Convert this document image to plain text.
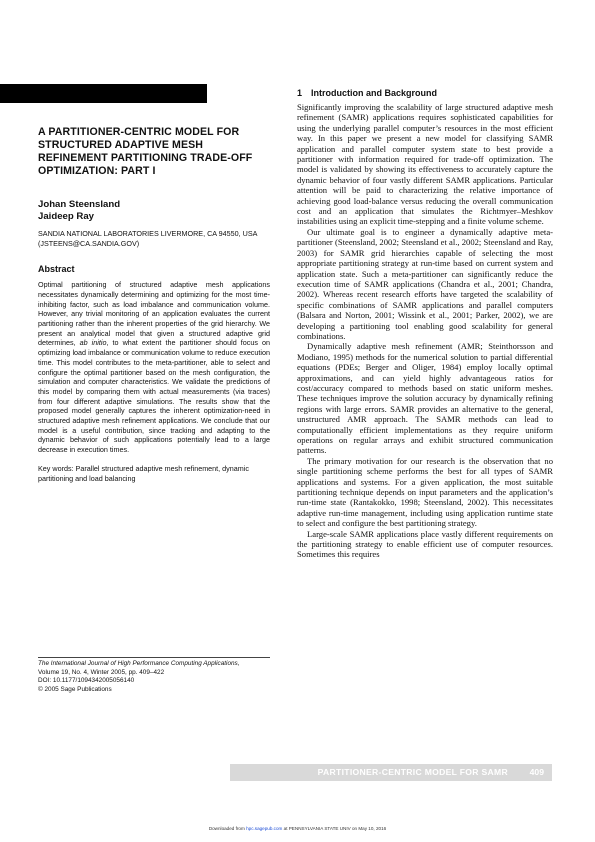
A PARTITIONER-CENTRIC MODEL FOR STRUCTURED ADAPTIVE MESH REFINEMENT PARTITIONING TRADE-OFF OPTIMIZATION: PART I
Johan Steensland
Jaideep Ray
SANDIA NATIONAL LABORATORIES LIVERMORE, CA 94550, USA (JSTEENS@CA.SANDIA.GOV)
Abstract

Optimal partitioning of structured adaptive mesh applications necessitates dynamically determining and optimizing for the most time-inhibiting factor, such as load imbalance and communication volume. However, any trivial monitoring of an application evaluates the current partitioning rather than the inherent properties of the grid hierarchy. We present an analytical model that given a structured adaptive grid determines, ab initio, to what extent the partitioner should focus on optimizing load imbalance or communication volume to reduce execution time. This model contributes to the meta-partitioner, able to select and configure the optimal partitioner based on the mesh configuration, the simulation and computer characteristics. We validate the predictions of this model by comparing them with actual measurements (via traces) from four different adaptive simulations. The results show that the proposed model generally captures the inherent optimization-need in structured adaptive mesh refinement applications. We conclude that our model is a useful contribution, since tracking and adapting to the dynamic behavior of such applications potentially lead to a large decrease in execution times.

Key words: Parallel structured adaptive mesh refinement, dynamic partitioning and load balancing

The International Journal of High Performance Computing Applications,
Volume 19, No. 4, Winter 2005, pp. 409–422
DOI: 10.1177/1094342005056140
© 2005 Sage Publications
1 Introduction and Background

Significantly improving the scalability of large structured adaptive mesh refinement (SAMR) applications requires sophisticated capabilities for using the underlying parallel computer’s resources in the most efficient way. In this paper we present a new model for classifying SAMR application and parallel computer system state to best provide a partitioner with information required for trade-off optimization. The model is validated by showing its effectiveness to accurately capture the dynamic behavior of four vastly different SAMR applications. Particular attention will be paid to characterizing the relative importance of achieving good load-balance versus reducing the overall communication cost and an application that simulates the Richtmyer–Meshkov instabilities using an explicit time-stepping and a finite volume scheme.

Our ultimate goal is to engineer a dynamically adaptive meta-partitioner (Steensland, 2002; Steensland et al., 2002; Steensland and Ray, 2003) for SAMR grid hierarchies capable of selecting the most appropriate partitioning strategy at run-time based on current system and application state. Such a meta-partitioner can significantly reduce the execution time of SAMR applications (Chandra et al., 2001; Chandra, 2002). Whereas recent research efforts have targeted the scalability of specific combinations of SAMR applications and parallel computers (Balsara and Norton, 2001; Wissink et al., 2001; Parker, 2002), we are developing a partitioning tool enabling good scalability for general combinations.

Dynamically adaptive mesh refinement (AMR; Steinthorsson and Modiano, 1995) methods for the numerical solution to partial differential equations (PDEs; Berger and Oliger, 1984) employ locally optimal approximations, and can yield highly advantageous ratios for cost/accuracy compared to methods based on static uniform meshes. These techniques improve the solution accuracy by dynamically refining regions with large errors. SAMR provides an alternative to the general, unstructured AMR approach. The SAMR methods can lead to computationally efficient implementations as they require uniform operations on regular arrays and exhibit structured communication patterns.

The primary motivation for our research is the observation that no single partitioning scheme performs the best for all types of SAMR applications and systems. For a given application, the most suitable partitioning technique depends on input parameters and the application’s run-time state (Rantakokko, 1998; Steensland, 2002). This necessitates adaptive run-time management, including using application runtime state to select and configure the best partitioning strategy.

Large-scale SAMR applications place vastly different requirements on the partitioning strategy to enable efficient use of computer resources. Sometimes this requires

PARTITIONER-CENTRIC MODEL FOR SAMR	409
Downloaded from hpc.sagepub.com at PENNSYLVANIA STATE UNIV on May 10, 2016
